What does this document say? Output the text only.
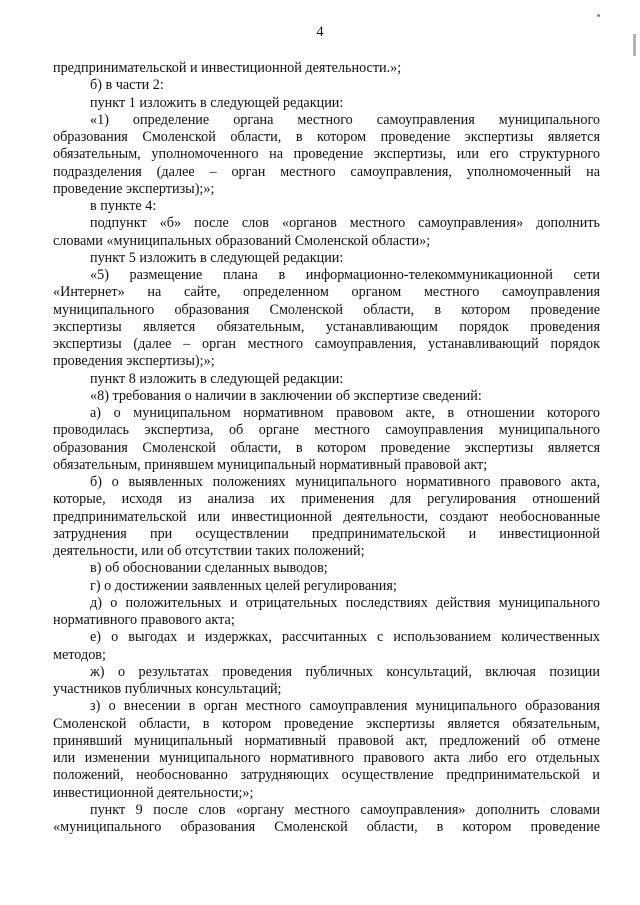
4
предпринимательской и инвестиционной деятельности.»;
б) в части 2:
пункт 1 изложить в следующей редакции:
«1) определение органа местного самоуправления муниципального
образования Смоленской области, в котором проведение экспертизы является
обязательным, уполномоченного на проведение экспертизы, или его структурного
подразделения (далее – орган местного самоуправления, уполномоченный на
проведение экспертизы);»;
в пункте 4:
подпункт «б» после слов «органов местного самоуправления» дополнить
словами «муниципальных образований Смоленской области»;
пункт 5 изложить в следующей редакции:
«5) размещение плана в информационно-телекоммуникационной сети
«Интернет» на сайте, определенном органом местного самоуправления
муниципального образования Смоленской области, в котором проведение
экспертизы является обязательным, устанавливающим порядок проведения
экспертизы (далее – орган местного самоуправления, устанавливающий порядок
проведения экспертизы);»;
пункт 8 изложить в следующей редакции:
«8) требования о наличии в заключении об экспертизе сведений:
а) о муниципальном нормативном правовом акте, в отношении которого
проводилась экспертиза, об органе местного самоуправления муниципального
образования Смоленской области, в котором проведение экспертизы является
обязательным, принявшем муниципальный нормативный правовой акт;
б) о выявленных положениях муниципального нормативного правового акта,
которые, исходя из анализа их применения для регулирования отношений
предпринимательской или инвестиционной деятельности, создают необоснованные
затруднения при осуществлении предпринимательской и инвестиционной
деятельности, или об отсутствии таких положений;
в) об обосновании сделанных выводов;
г) о достижении заявленных целей регулирования;
д) о положительных и отрицательных последствиях действия муниципального
нормативного правового акта;
е) о выгодах и издержках, рассчитанных с использованием количественных
методов;
ж) о результатах проведения публичных консультаций, включая позиции
участников публичных консультаций;
з) о внесении в орган местного самоуправления муниципального образования
Смоленской области, в котором проведение экспертизы является обязательным,
принявший муниципальный нормативный правовой акт, предложений об отмене
или изменении муниципального нормативного правового акта либо его отдельных
положений, необоснованно затрудняющих осуществление предпринимательской и
инвестиционной деятельности;»;
пункт 9 после слов «органу местного самоуправления» дополнить словами
«муниципального образования Смоленской области, в котором проведение
